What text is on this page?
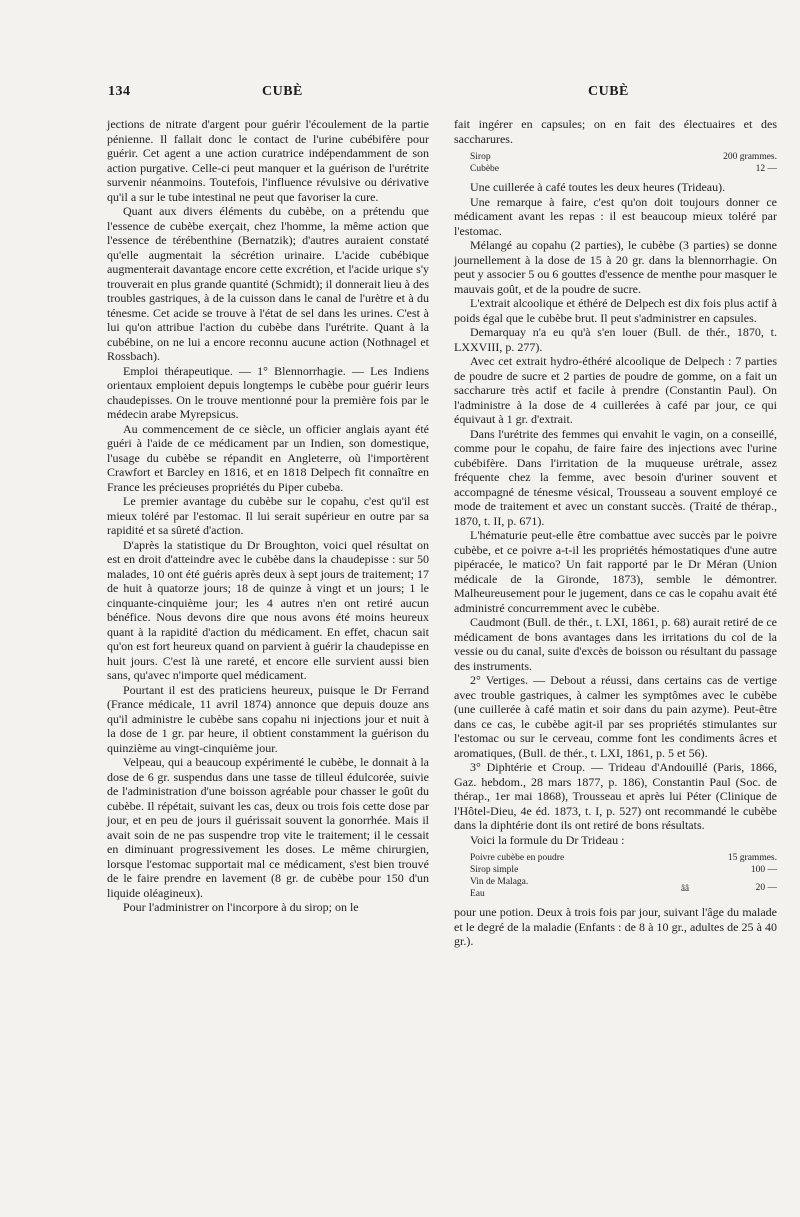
134	CUBÈ	CUBÈ

jections de nitrate d'argent pour guérir l'écoulement de la partie pénienne. Il fallait donc le contact de l'urine cubébifère pour guérir. Cet agent a une action curatrice indépendamment de son action purgative. Celle-ci peut manquer et la guérison de l'urétrite survenir néanmoins. Toutefois, l'influence révulsive ou dérivative qu'il a sur le tube intestinal ne peut que favoriser la cure.

Quant aux divers éléments du cubèbe, on a prétendu que l'essence de cubèbe exerçait, chez l'homme, la même action que l'essence de térébenthine (Bernatzik); d'autres auraient constaté qu'elle augmentait la sécrétion urinaire. L'acide cubébique augmenterait davantage encore cette excrétion, et l'acide urique s'y trouverait en plus grande quantité (Schmidt); il donnerait lieu à des troubles gastriques, à de la cuisson dans le canal de l'urètre et à du ténesme. Cet acide se trouve à l'état de sel dans les urines. C'est à lui qu'on attribue l'action du cubèbe dans l'urétrite. Quant à la cubébine, on ne lui a encore reconnu aucune action (Nothnagel et Rossbach).

Emploi thérapeutique. — 1° Blennorrhagie. — Les Indiens orientaux emploient depuis longtemps le cubèbe pour guérir leurs chaudepisses. On le trouve mentionné pour la première fois par le médecin arabe Myrepsicus.

Au commencement de ce siècle, un officier anglais ayant été guéri à l'aide de ce médicament par un Indien, son domestique, l'usage du cubèbe se répandit en Angleterre, où l'importèrent Crawfort et Barcley en 1816, et en 1818 Delpech fit connaître en France les précieuses propriétés du Piper cubeba.

Le premier avantage du cubèbe sur le copahu, c'est qu'il est mieux toléré par l'estomac. Il lui serait supérieur en outre par sa rapidité et sa sûreté d'action.

D'après la statistique du Dr Broughton, voici quel résultat on est en droit d'atteindre avec le cubèbe dans la chaudepisse : sur 50 malades, 10 ont été guéris après deux à sept jours de traitement; 17 de huit à quatorze jours; 18 de quinze à vingt et un jours; 1 le cinquante-cinquième jour; les 4 autres n'en ont retiré aucun bénéfice. Nous devons dire que nous avons été moins heureux quant à la rapidité d'action du médicament. En effet, chacun sait qu'on est fort heureux quand on parvient à guérir la chaudepisse en huit jours. C'est là une rareté, et encore elle survient aussi bien sans, qu'avec n'importe quel médicament.

Pourtant il est des praticiens heureux, puisque le Dr Ferrand (France médicale, 11 avril 1874) annonce que depuis douze ans qu'il administre le cubèbe sans copahu ni injections jour et nuit à la dose de 1 gr. par heure, il obtient constamment la guérison du quinzième au vingt-cinquième jour.

Velpeau, qui a beaucoup expérimenté le cubèbe, le donnait à la dose de 6 gr. suspendus dans une tasse de tilleul édulcorée, suivie de l'administration d'une boisson agréable pour chasser le goût du cubèbe. Il répétait, suivant les cas, deux ou trois fois cette dose par jour, et en peu de jours il guérissait souvent la gonorrhée. Mais il avait soin de ne pas suspendre trop vite le traitement; il le cessait en diminuant progressivement les doses. Le même chirurgien, lorsque l'estomac supportait mal ce médicament, s'est bien trouvé de le faire prendre en lavement (8 gr. de cubèbe pour 150 d'un liquide oléagineux).

Pour l'administrer on l'incorpore à du sirop; on le

fait ingérer en capsules; on en fait des électuaires et des saccharures.

Sirop	200 grammes.
Cubèbe	12 —

Une cuillerée à café toutes les deux heures (Trideau).

Une remarque à faire, c'est qu'on doit toujours donner ce médicament avant les repas : il est beaucoup mieux toléré par l'estomac.

Mélangé au copahu (2 parties), le cubèbe (3 parties) se donne journellement à la dose de 15 à 20 gr. dans la blennorrhagie. On peut y associer 5 ou 6 gouttes d'essence de menthe pour masquer le mauvais goût, et de la poudre de sucre.

L'extrait alcoolique et éthéré de Delpech est dix fois plus actif à poids égal que le cubèbe brut. Il peut s'administrer en capsules.

Demarquay n'a eu qu'à s'en louer (Bull. de thér., 1870, t. LXXVIII, p. 277).

Avec cet extrait hydro-éthéré alcoolique de Delpech : 7 parties de poudre de sucre et 2 parties de poudre de gomme, on a fait un saccharure très actif et facile à prendre (Constantin Paul). On l'administre à la dose de 4 cuillerées à café par jour, ce qui équivaut à 1 gr. d'extrait.

Dans l'urétrite des femmes qui envahit le vagin, on a conseillé, comme pour le copahu, de faire faire des injections avec l'urine cubébifère. Dans l'irritation de la muqueuse urétrale, assez fréquente chez la femme, avec besoin d'uriner souvent et accompagné de ténesme vésical, Trousseau a souvent employé ce mode de traitement et avec un constant succès. (Traité de thérap., 1870, t. II, p. 671).

L'hématurie peut-elle être combattue avec succès par le poivre cubèbe, et ce poivre a-t-il les propriétés hémostatiques d'une autre pipéracée, le matico? Un fait rapporté par le Dr Méran (Union médicale de la Gironde, 1873), semble le démontrer. Malheureusement pour le jugement, dans ce cas le copahu avait été administré concurremment avec le cubèbe.

Caudmont (Bull. de thér., t. LXI, 1861, p. 68) aurait retiré de ce médicament de bons avantages dans les irritations du col de la vessie ou du canal, suite d'excès de boisson ou résultant du passage des instruments.

2° Vertiges. — Debout a réussi, dans certains cas de vertige avec trouble gastriques, à calmer les symptômes avec le cubèbe (une cuillerée à café matin et soir dans du pain azyme). Peut-être dans ce cas, le cubèbe agit-il par ses propriétés stimulantes sur l'estomac ou sur le cerveau, comme font les condiments âcres et aromatiques, (Bull. de thér., t. LXI, 1861, p. 5 et 56).

3° Diphtérie et Croup. — Trideau d'Andouillé (Paris, 1866, Gaz. hebdom., 28 mars 1877, p. 186), Constantin Paul (Soc. de thérap., 1er mai 1868), Trousseau et après lui Péter (Clinique de l'Hôtel-Dieu, 4e éd. 1873, t. I, p. 527) ont recommandé le cubèbe dans la diphtérie dont ils ont retiré de bons résultats.

Voici la formule du Dr Trideau :

Poivre cubèbe en poudre	15 grammes.
Sirop simple	100 —
Vin de Malaga.
Eau
ââ	20 —

pour une potion. Deux à trois fois par jour, suivant l'âge du malade et le degré de la maladie (Enfants : de 8 à 10 gr., adultes de 25 à 40 gr.).
